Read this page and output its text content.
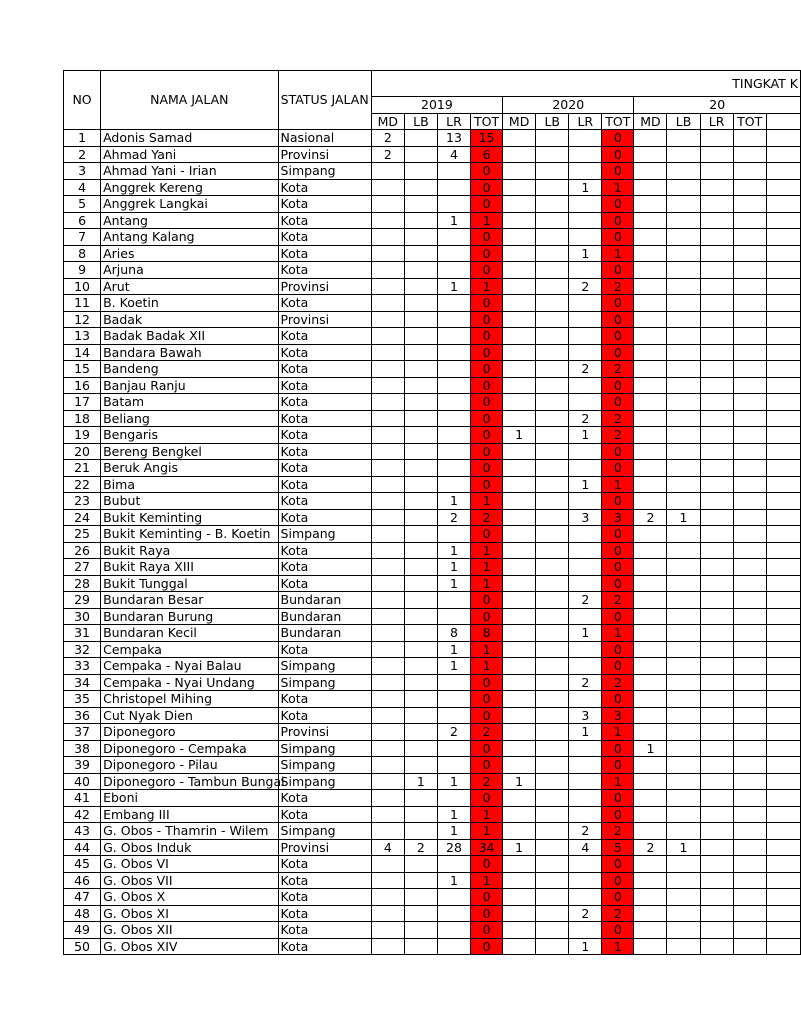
NO	NAMA JALAN	STATUS JALAN	TINGKAT K												
			2019				2020				20				
			MD	LB	LR	TOT	MD	LB	LR	TOT	MD	LB	LR	TOT	
1	Adonis Samad	Nasional	2		13	15				0					
2	Ahmad Yani	Provinsi	2		4	6				0					
3	Ahmad Yani - Irian	Simpang				0				0					
4	Anggrek Kereng	Kota				0			1	1					
5	Anggrek Langkai	Kota				0				0					
6	Antang	Kota			1	1				0					
7	Antang Kalang	Kota				0				0					
8	Aries	Kota				0			1	1					
9	Arjuna	Kota				0				0					
10	Arut	Provinsi			1	1			2	2					
11	B. Koetin	Kota				0				0					
12	Badak	Provinsi				0				0					
13	Badak Badak XII	Kota				0				0					
14	Bandara Bawah	Kota				0				0					
15	Bandeng	Kota				0			2	2					
16	Banjau Ranju	Kota				0				0					
17	Batam	Kota				0				0					
18	Beliang	Kota				0			2	2					
19	Bengaris	Kota				0	1		1	2					
20	Bereng Bengkel	Kota				0				0					
21	Beruk Angis	Kota				0				0					
22	Bima	Kota				0			1	1					
23	Bubut	Kota			1	1				0					
24	Bukit Keminting	Kota			2	2			3	3	2	1			
25	Bukit Keminting - B. Koetin	Simpang				0				0					
26	Bukit Raya	Kota			1	1				0					
27	Bukit Raya XIII	Kota			1	1				0					
28	Bukit Tunggal	Kota			1	1				0					
29	Bundaran Besar	Bundaran				0			2	2					
30	Bundaran Burung	Bundaran				0				0					
31	Bundaran Kecil	Bundaran			8	8			1	1					
32	Cempaka	Kota			1	1				0					
33	Cempaka - Nyai Balau	Simpang			1	1				0					
34	Cempaka - Nyai Undang	Simpang				0			2	2					
35	Christopel Mihing	Kota				0				0					
36	Cut Nyak Dien	Kota				0			3	3					
37	Diponegoro	Provinsi			2	2			1	1					
38	Diponegoro - Cempaka	Simpang				0				0	1				
39	Diponegoro - Pilau	Simpang				0				0					
40	Diponegoro - Tambun Bungai	Simpang		1	1	2	1			1					
41	Eboni	Kota				0				0					
42	Embang III	Kota			1	1				0					
43	G. Obos - Thamrin - Wilem	Simpang			1	1			2	2					
44	G. Obos Induk	Provinsi	4	2	28	34	1		4	5	2	1			
45	G. Obos VI	Kota				0				0					
46	G. Obos VII	Kota			1	1				0					
47	G. Obos X	Kota				0				0					
48	G. Obos XI	Kota				0			2	2					
49	G. Obos XII	Kota				0				0					
50	G. Obos XIV	Kota				0			1	1					
